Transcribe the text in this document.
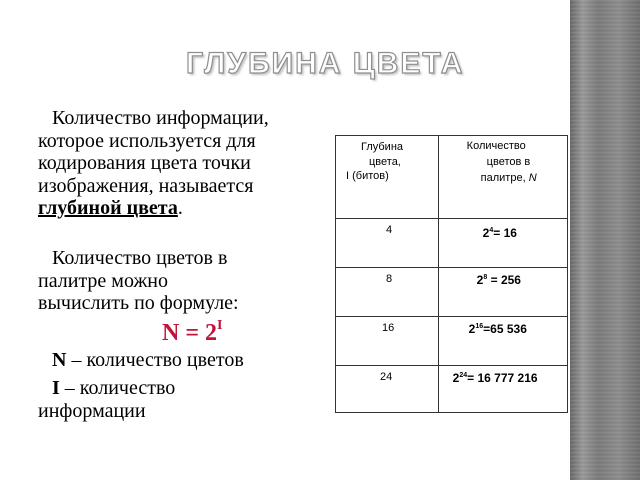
ГЛУБИНА ЦВЕТА
Количество информации,
которое используется для
кодирования цвета точки
изображения, называется
глубиной цвета.
Количество цветов в
палитре можно
вычислить по формуле:
$N = 2^I$
N – количество цветов
I – количество
информации
Глубина
цвета,
I (битов)	Количество
цветов в
палитре, N

4	$2^4= 16$

8	$2^8 = 256$

16	$2^{16}=65$ 536

24	$2^{24}= 16$ 777 216
